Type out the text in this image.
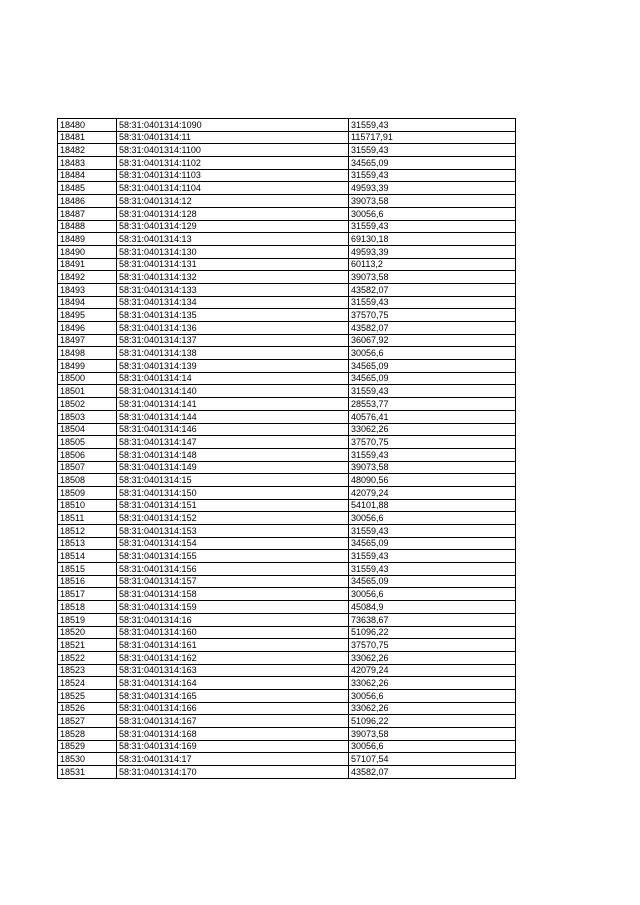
18480	58:31:0401314:1090	31559,43
18481	58:31:0401314:11	115717,91
18482	58:31:0401314:1100	31559,43
18483	58:31:0401314:1102	34565,09
18484	58:31:0401314:1103	31559,43
18485	58:31:0401314:1104	49593,39
18486	58:31:0401314:12	39073,58
18487	58:31:0401314:128	30056,6
18488	58:31:0401314:129	31559,43
18489	58:31:0401314:13	69130,18
18490	58:31:0401314:130	49593,39
18491	58:31:0401314:131	60113,2
18492	58:31:0401314:132	39073,58
18493	58:31:0401314:133	43582,07
18494	58:31:0401314:134	31559,43
18495	58:31:0401314:135	37570,75
18496	58:31:0401314:136	43582,07
18497	58:31:0401314:137	36067,92
18498	58:31:0401314:138	30056,6
18499	58:31:0401314:139	34565,09
18500	58:31:0401314:14	34565,09
18501	58:31:0401314:140	31559,43
18502	58:31:0401314:141	28553,77
18503	58:31:0401314:144	40576,41
18504	58:31:0401314:146	33062,26
18505	58:31:0401314:147	37570,75
18506	58:31:0401314:148	31559,43
18507	58:31:0401314:149	39073,58
18508	58:31:0401314:15	48090,56
18509	58:31:0401314:150	42079,24
18510	58:31:0401314:151	54101,88
18511	58:31:0401314:152	30056,6
18512	58:31:0401314:153	31559,43
18513	58:31:0401314:154	34565,09
18514	58:31:0401314:155	31559,43
18515	58:31:0401314:156	31559,43
18516	58:31:0401314:157	34565,09
18517	58:31:0401314:158	30056,6
18518	58:31:0401314:159	45084,9
18519	58:31:0401314:16	73638,67
18520	58:31:0401314:160	51096,22
18521	58:31:0401314:161	37570,75
18522	58:31:0401314:162	33062,26
18523	58:31:0401314:163	42079,24
18524	58:31:0401314:164	33062,26
18525	58:31:0401314:165	30056,6
18526	58:31:0401314:166	33062,26
18527	58:31:0401314:167	51096,22
18528	58:31:0401314:168	39073,58
18529	58:31:0401314:169	30056,6
18530	58:31:0401314:17	57107,54
18531	58:31:0401314:170	43582,07
